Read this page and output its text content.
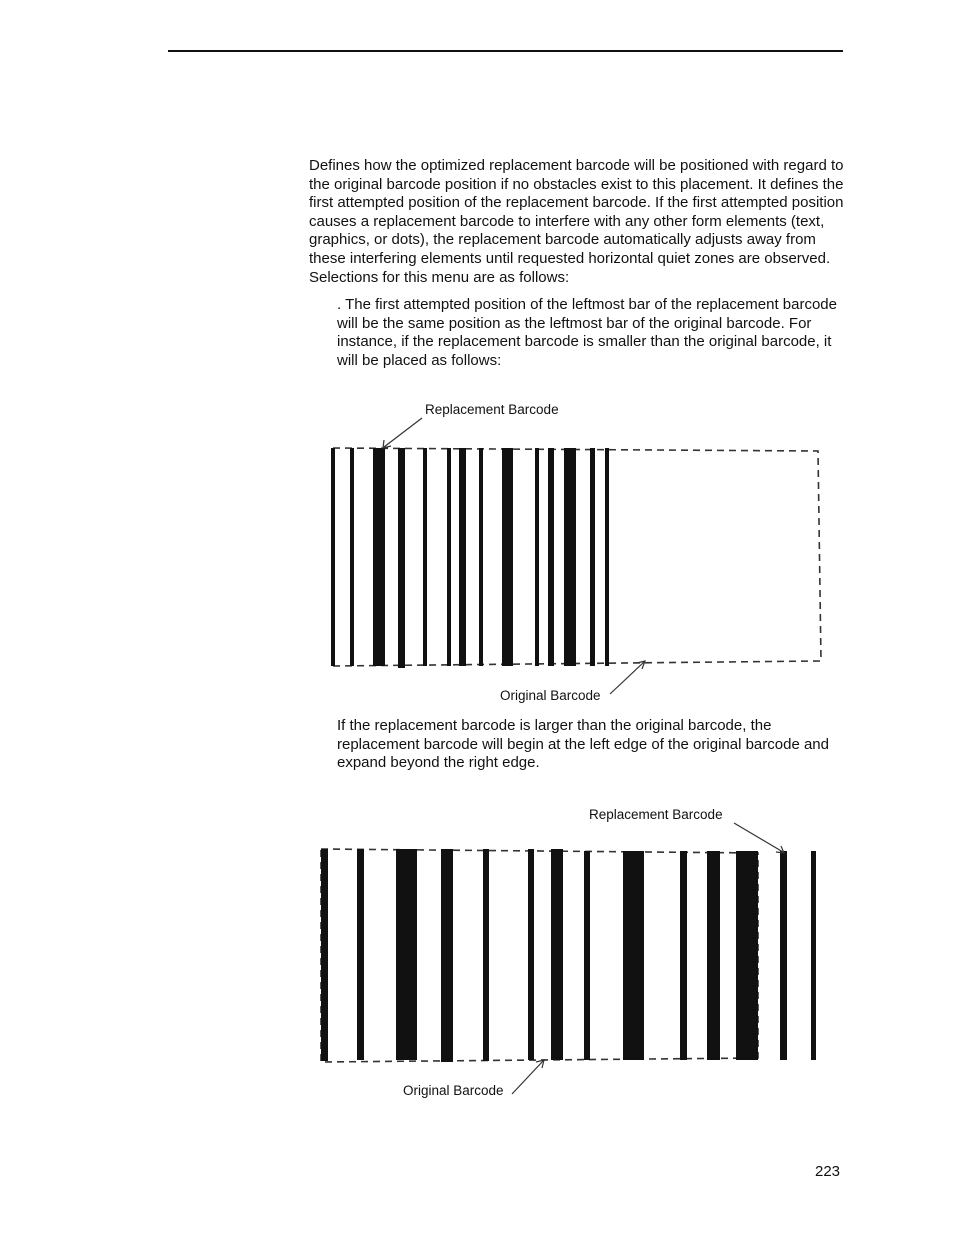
Defines how the optimized replacement barcode will be positioned with regard to the original barcode position if no obstacles exist to this placement. It defines the first attempted position of the replacement barcode. If the first attempted position causes a replacement barcode to interfere with any other form elements (text, graphics, or dots), the replacement barcode automatically adjusts away from these interfering elements until requested horizontal quiet zones are observed. Selections for this menu are as follows:

. The first attempted position of the leftmost bar of the replacement barcode will be the same position as the leftmost bar of the original barcode. For instance, if the replacement barcode is smaller than the original barcode, it will be placed as follows:

Replacement Barcode
Original Barcode

If the replacement barcode is larger than the original barcode, the replacement barcode will begin at the left edge of the original barcode and expand beyond the right edge.

Replacement Barcode
Original Barcode
223
